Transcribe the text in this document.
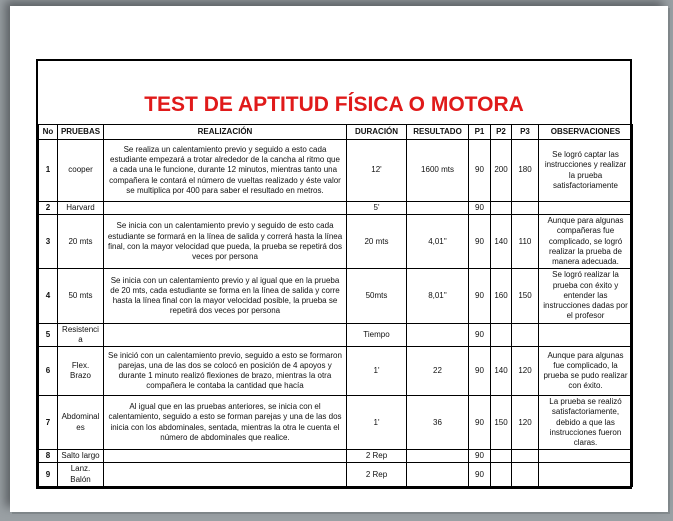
TEST DE APTITUD FÍSICA O MOTORA
No	PRUEBAS	REALIZACIÓN	DURACIÓN	RESULTADO	P1	P2	P3	OBSERVACIONES
1	cooper	Se realiza un calentamiento previo y seguido a esto cada estudiante empezará a trotar alrededor de la cancha al ritmo que a cada una le funcione, durante 12 minutos, mientras tanto una compañera le contará el número de vueltas realizado y éste valor se multiplica por 400 para saber el resultado en metros.	12'	1600 mts	90	200	180	Se logró captar las instrucciones y realizar la prueba satisfactoriamente
2	Harvard		5'		90			
3	20 mts	Se inicia con un calentamiento previo y seguido de esto cada estudiante se formará en la línea de salida y correrá hasta la línea final, con la mayor velocidad que pueda, la prueba se repetirá dos veces por persona	20 mts	4,01''	90	140	110	Aunque para algunas compañeras fue complicado, se logró realizar la prueba de manera adecuada.
4	50 mts	Se inicia con un calentamiento previo y al igual que en la prueba de 20 mts, cada estudiante se forma en la línea de salida y corre hasta la línea final con la mayor velocidad posible, la prueba se repetirá dos veces por persona	50mts	8,01''	90	160	150	Se logró realizar la prueba con éxito y entender las instrucciones dadas por el profesor
5	Resistencia		Tiempo		90			
6	Flex. Brazo	Se inició con un calentamiento previo, seguido a esto se formaron parejas, una de las dos se colocó en posición de 4 apoyos y durante 1 minuto realizó flexiones de brazo, mientras la otra compañera le contaba la cantidad que hacía	1'	22	90	140	120	Aunque para algunas fue complicado, la prueba se pudo realizar con éxito.
7	Abdominales	Al igual que en las pruebas anteriores, se inicia con el calentamiento, seguido a esto se forman parejas y una de las dos inicia con los abdominales, sentada, mientras la otra le cuenta el número de abdominales que realice.	1'	36	90	150	120	La prueba se realizó satisfactoriamente, debido a que las instrucciones fueron claras.
8	Salto largo		2 Rep		90			
9	Lanz. Balón		2 Rep		90			
